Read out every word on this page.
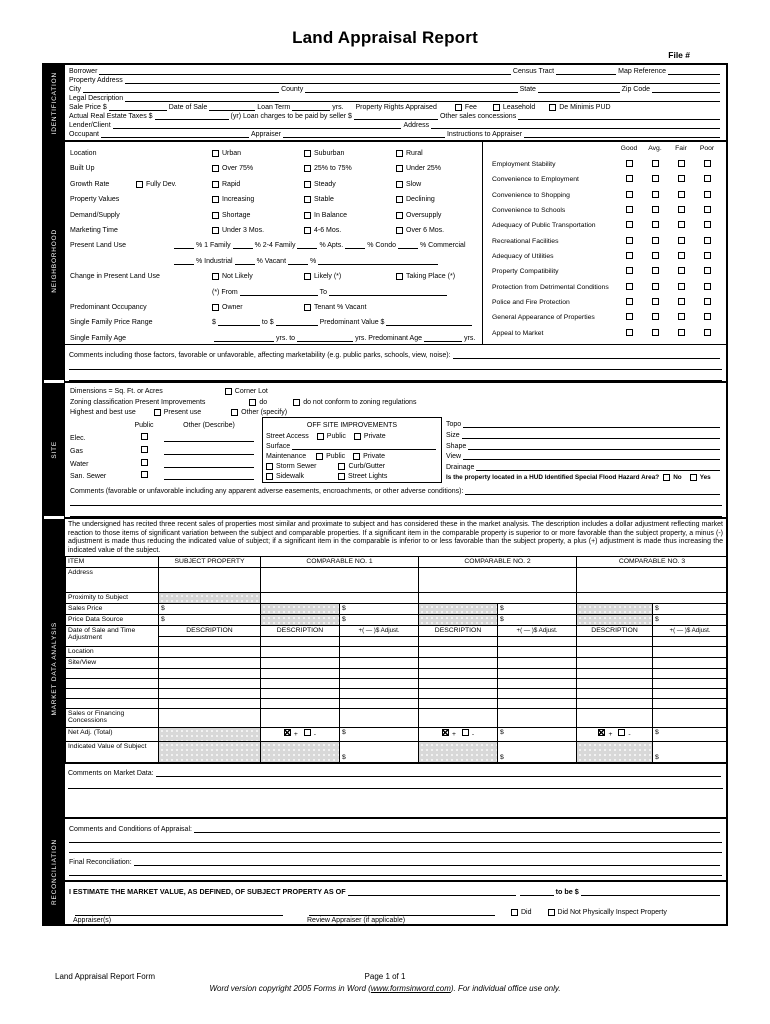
Land Appraisal Report
File #
IDENTIFICATION
NEIGHBORHOOD
SITE
MARKET DATA ANALYSIS
RECONCILIATION
Borrower	Census Tract	Map Reference
Property Address
City	County	State	Zip Code
Legal Description
Sale Price $	Date of Sale	Loan Term	yrs. Property Rights Appraised	Fee	Leasehold	De Minimis PUD
Actual Real Estate Taxes $	(yr) Loan charges to be paid by seller $	Other sales concessions
Lender/Client	Address
Occupant	Appraiser	Instructions to Appraiser
Location	Urban	Suburban	Rural
Built Up	Over 75%	25% to 75%	Under 25%
Growth Rate	Fully Dev.	Rapid	Steady	Slow
Property Values	Increasing	Stable	Declining
Demand/Supply	Shortage	In Balance	Oversupply
Marketing Time	Under 3 Mos.	4-6 Mos.	Over 6 Mos.
Present Land Use	% 1 Family	% 2-4 Family	% Apts.	% Condo	% Commercial
% Industrial	% Vacant	%
Change in Present Land Use	Not Likely	Likely (*)	Taking Place (*)
(*) From	To
Predominant Occupancy	Owner	Tenant % Vacant
Single Family Price Range	$	to $	Predominant Value $
Single Family Age	yrs. to	yrs. Predominant Age	yrs.
Good	Avg.	Fair	Poor
Employment Stability
Convenience to Employment
Convenience to Shopping
Convenience to Schools
Adequacy of Public Transportation
Recreational Facilities
Adequacy of Utilities
Property Compatibility
Protection from Detrimental Conditions
Police and Fire Protection
General Appearance of Properties
Appeal to Market
Comments including those factors, favorable or unfavorable, affecting marketability (e.g. public parks, schools, view, noise):
Dimensions = Sq. Ft. or Acres	Corner Lot
Zoning classification Present Improvements	do	do not conform to zoning regulations
Highest and best use	Present use	Other (specify)
Public	Other (Describe)
Elec.
Gas
Water
San. Sewer
OFF SITE IMPROVEMENTS
Street Access	Public	Private
Surface
Maintenance	Public	Private
Storm Sewer	Curb/Gutter
Sidewalk	Street Lights
Topo
Size
Shape
View
Drainage
Is the property located in a HUD Identified Special Flood Hazard Area? No	Yes
Comments (favorable or unfavorable including any apparent adverse easements, encroachments, or other adverse conditions):
The undersigned has recited three recent sales of properties most similar and proximate to subject and has considered these in the market analysis. The description includes a dollar adjustment reflecting market reaction to those items of significant variation between the subject and comparable properties. If a significant item in the comparable property is superior to or more favorable than the subject property, a minus (-) adjustment is made thus reducing the indicated value of subject; if a significant item in the comparable is inferior to or less favorable than the subject property, a plus (+) adjustment is made thus increasing the indicated value of the subject.
ITEM	SUBJECT PROPERTY	COMPARABLE NO. 1		COMPARABLE NO. 2		COMPARABLE NO. 3	
Address							
Proximity to Subject							
Sales Price	$		$		$		$
Price Data Source	$		$		$		$
Date of Sale and Time Adjustment	DESCRIPTION	DESCRIPTION	+( — )$ Adjust.	DESCRIPTION	+( — )$ Adjust.	DESCRIPTION	+( — )$ Adjust.

Location							
Site/View							

Sales or Financing Concessions							
Net Adj. (Total)		+ -	$	+ -	$	+ -	$
Indicated Value of Subject			$		$		$
Comments on Market Data:
Comments and Conditions of Appraisal:
Final Reconciliation:
I ESTIMATE THE MARKET VALUE, AS DEFINED, OF SUBJECT PROPERTY AS OF	to be $
Did	Did Not Physically Inspect Property
Appraiser(s)	Review Appraiser (if applicable)
Land Appraisal Report Form	Page 1 of 1
Word version copyright 2005 Forms in Word (www.formsinword.com). For individual office use only.
